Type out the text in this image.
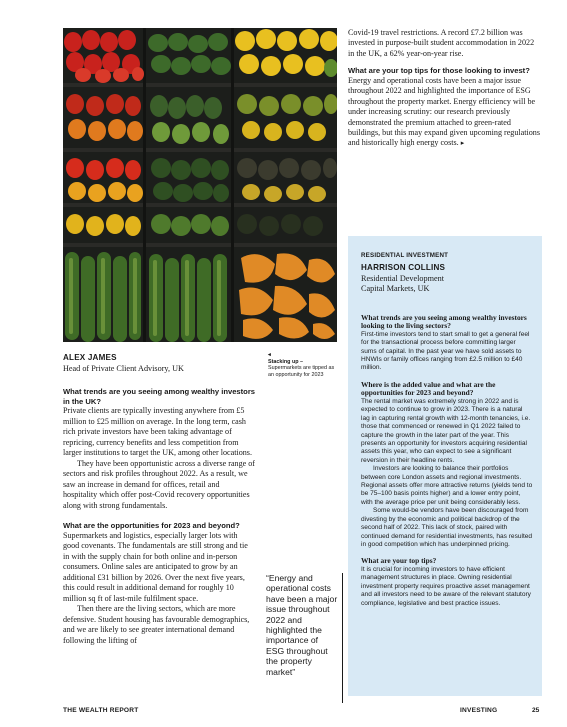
Covid-19 travel restrictions. A record £7.2 billion was invested in purpose-built student accommodation in 2022 in the UK, a 62% year-on-year rise.

What are your top tips for those looking to invest?

Energy and operational costs have been a major issue throughout 2022 and highlighted the importance of ESG throughout the property market. Energy efficiency will be under increasing scrutiny: our research previously demonstrated the premium attached to green-rated buildings, but this may expand given upcoming regulations and historically high energy costs. ▸

RESIDENTIAL INVESTMENT
HARRISON COLLINS
Residential Development
Capital Markets, UK

What trends are you seeing among wealthy investors looking to the living sectors?

First-time investors tend to start small to get a general feel for the transactional process before committing larger sums of capital. In the past year we have sold assets to HNWIs or family offices ranging from £2.5 million to £40 million.

Where is the added value and what are the opportunities for 2023 and beyond?

The rental market was extremely strong in 2022 and is expected to continue to grow in 2023. There is a natural lag in capturing rental growth with 12-month tenancies, i.e. those that commenced or renewed in Q1 2022 failed to capture the growth in the later part of the year. This presents an opportunity for investors acquiring residential assets this year, who can expect to see a significant reversion in their headline rents.

Investors are looking to balance their portfolios between core London assets and regional investments. Regional assets offer more attractive returns (yields tend to be 75–100 basis points higher) and a lower entry point, with the average price per unit being considerably less.

Some would-be vendors have been discouraged from divesting by the economic and political backdrop of the second half of 2022. This lack of stock, paired with continued demand for residential investments, has resulted in good competition which has underpinned pricing.

What are your top tips?

It is crucial for incoming investors to have efficient management structures in place. Owning residential investment property requires proactive asset management and all investors need to be aware of the relevant statutory compliance, legislative and best practice issues.

ALEX JAMES
Head of Private Client Advisory, UK

What trends are you seeing among wealthy investors in the UK?

Private clients are typically investing anywhere from £5 million to £25 million on average. In the long term, cash rich private investors have been taking advantage of repricing, currency benefits and less competition from larger institutions to target the UK, among other locations.

They have been opportunistic across a diverse range of sectors and risk profiles throughout 2022. As a result, we saw an increase in demand for offices, retail and hospitality which offer post-Covid recovery opportunities along with strong fundamentals.

What are the opportunities for 2023 and beyond?

Supermarkets and logistics, especially larger lots with good covenants. The fundamentals are still strong and tie in with the supply chain for both online and in-person consumers. Online sales are anticipated to grow by an additional £31 billion by 2026. Over the next five years, this could result in additional demand for roughly 10 million sq ft of last-mile fulfilment space.

Then there are the living sectors, which are more defensive. Student housing has favourable demographics, and we are likely to see greater international demand following the lifting of

◂
Stacking up –
Supermarkets are tipped as an opportunity for 2023
“Energy and operational costs have been a major issue throughout 2022 and highlighted the importance of ESG throughout the property market”
THE WEALTH REPORT	INVESTING	25
